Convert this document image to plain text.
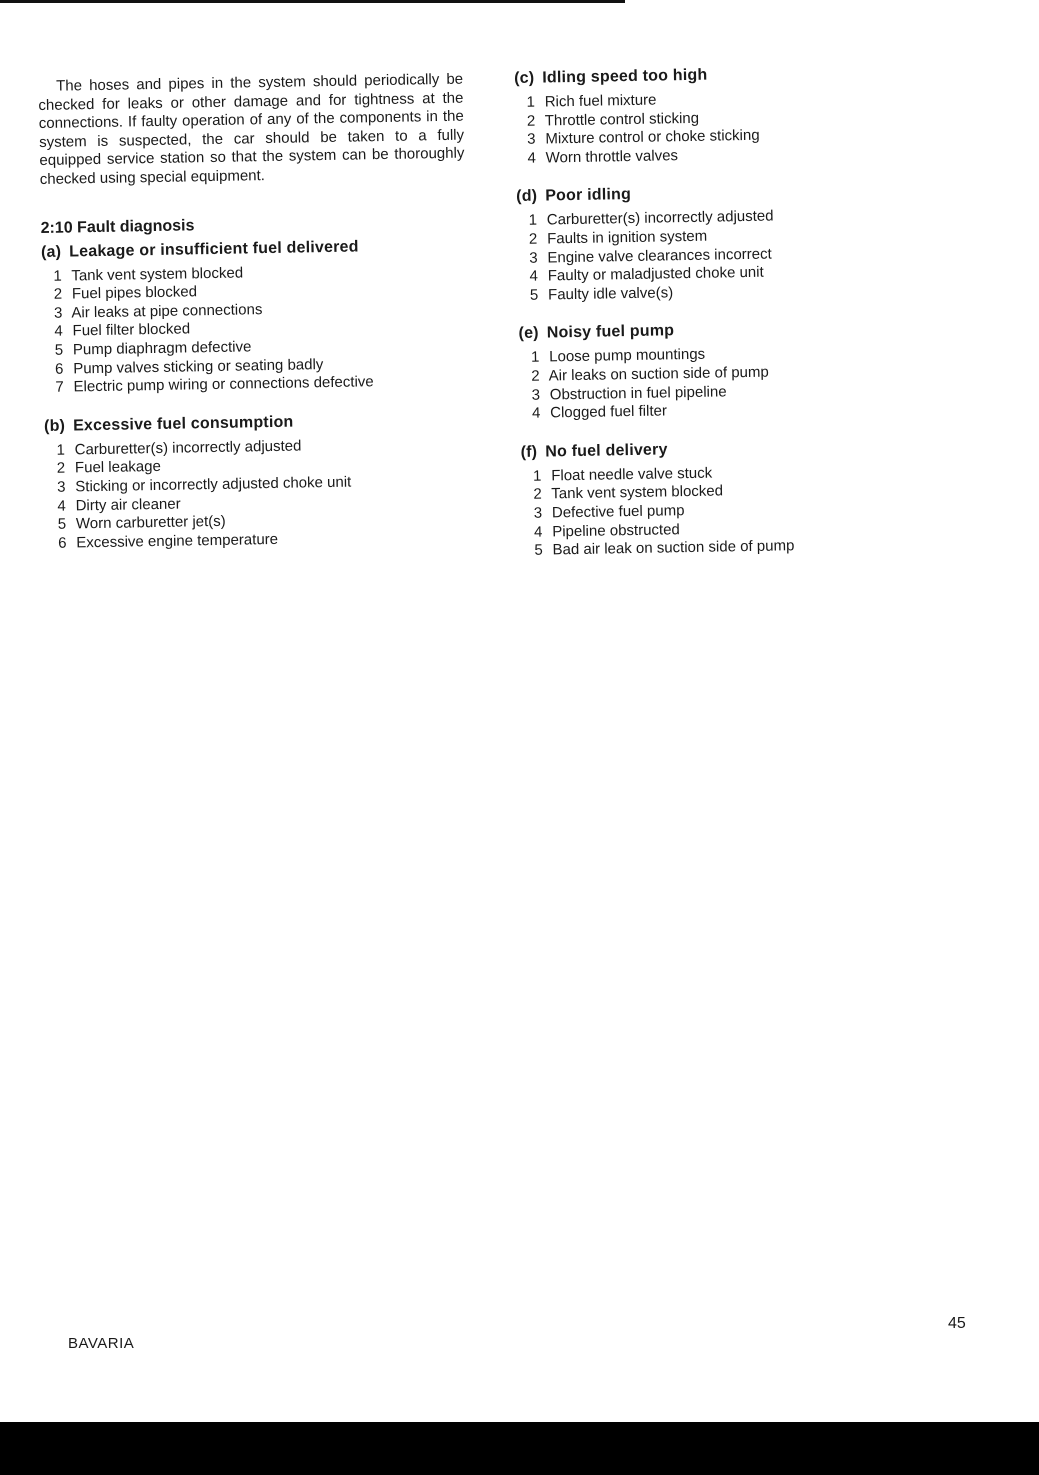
The hoses and pipes in the system should periodically be checked for leaks or other damage and for tightness at the connections. If faulty operation of any of the components in the system is suspected, the car should be taken to a fully equipped service station so that the system can be thoroughly checked using special equipment.

2:10 Fault diagnosis
(a) Leakage or insufficient fuel delivered
1 Tank vent system blocked
2 Fuel pipes blocked
3 Air leaks at pipe connections
4 Fuel filter blocked
5 Pump diaphragm defective
6 Pump valves sticking or seating badly
7 Electric pump wiring or connections defective
(b) Excessive fuel consumption
1 Carburetter(s) incorrectly adjusted
2 Fuel leakage
3 Sticking or incorrectly adjusted choke unit
4 Dirty air cleaner
5 Worn carburetter jet(s)
6 Excessive engine temperature
(c) Idling speed too high
1 Rich fuel mixture
2 Throttle control sticking
3 Mixture control or choke sticking
4 Worn throttle valves
(d) Poor idling
1 Carburetter(s) incorrectly adjusted
2 Faults in ignition system
3 Engine valve clearances incorrect
4 Faulty or maladjusted choke unit
5 Faulty idle valve(s)
(e) Noisy fuel pump
1 Loose pump mountings
2 Air leaks on suction side of pump
3 Obstruction in fuel pipeline
4 Clogged fuel filter
(f) No fuel delivery
1 Float needle valve stuck
2 Tank vent system blocked
3 Defective fuel pump
4 Pipeline obstructed
5 Bad air leak on suction side of pump
45
BAVARIA
